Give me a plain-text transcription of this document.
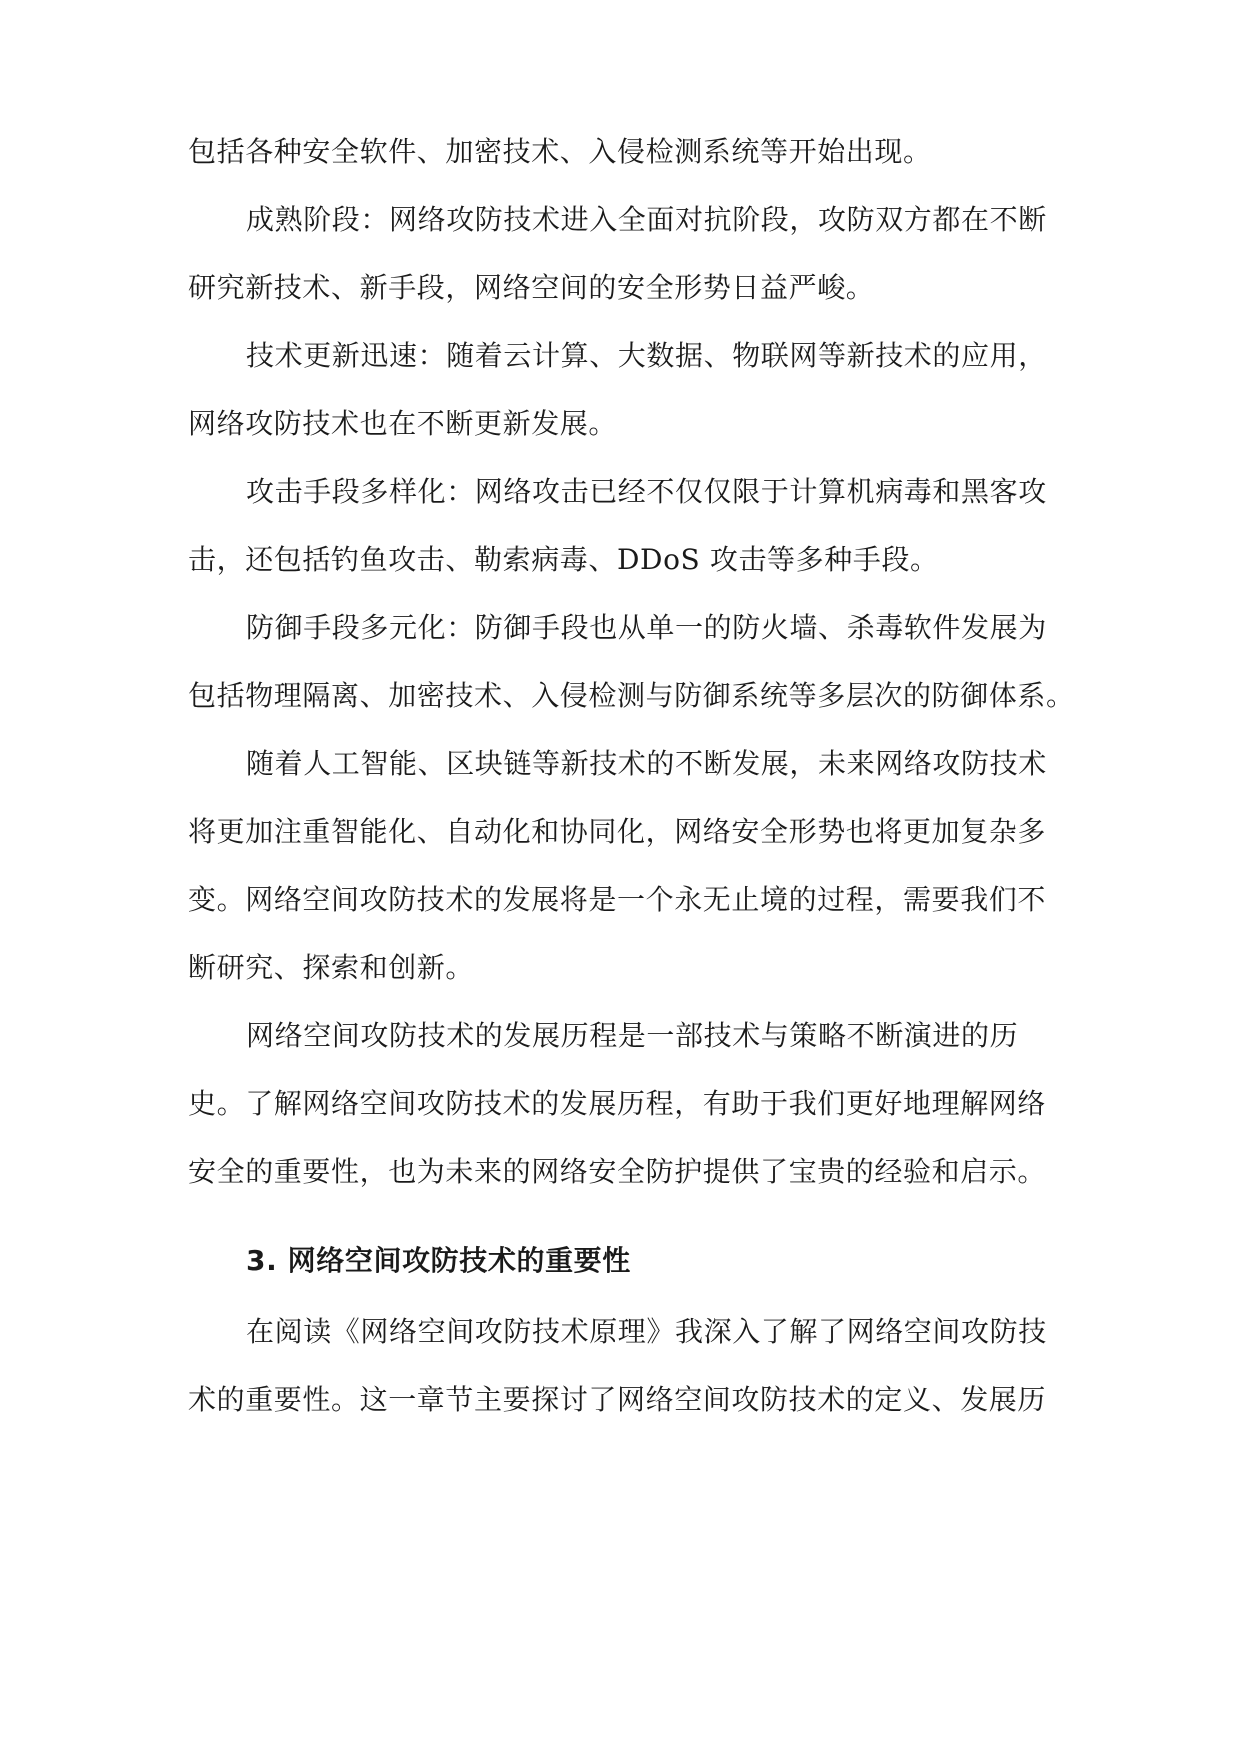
包括各种安全软件、加密技术、入侵检测系统等开始出现。
成熟阶段：网络攻防技术进入全面对抗阶段，攻防双方都在不断
研究新技术、新手段，网络空间的安全形势日益严峻。
技术更新迅速：随着云计算、大数据、物联网等新技术的应用，
网络攻防技术也在不断更新发展。
攻击手段多样化：网络攻击已经不仅仅限于计算机病毒和黑客攻
击，还包括钓鱼攻击、勒索病毒、DDoS 攻击等多种手段。
防御手段多元化：防御手段也从单一的防火墙、杀毒软件发展为
包括物理隔离、加密技术、入侵检测与防御系统等多层次的防御体系。
随着人工智能、区块链等新技术的不断发展，未来网络攻防技术
将更加注重智能化、自动化和协同化，网络安全形势也将更加复杂多
变。网络空间攻防技术的发展将是一个永无止境的过程，需要我们不
断研究、探索和创新。
网络空间攻防技术的发展历程是一部技术与策略不断演进的历
史。了解网络空间攻防技术的发展历程，有助于我们更好地理解网络
安全的重要性，也为未来的网络安全防护提供了宝贵的经验和启示。
3. 网络空间攻防技术的重要性
在阅读《网络空间攻防技术原理》我深入了解了网络空间攻防技
术的重要性。这一章节主要探讨了网络空间攻防技术的定义、发展历
